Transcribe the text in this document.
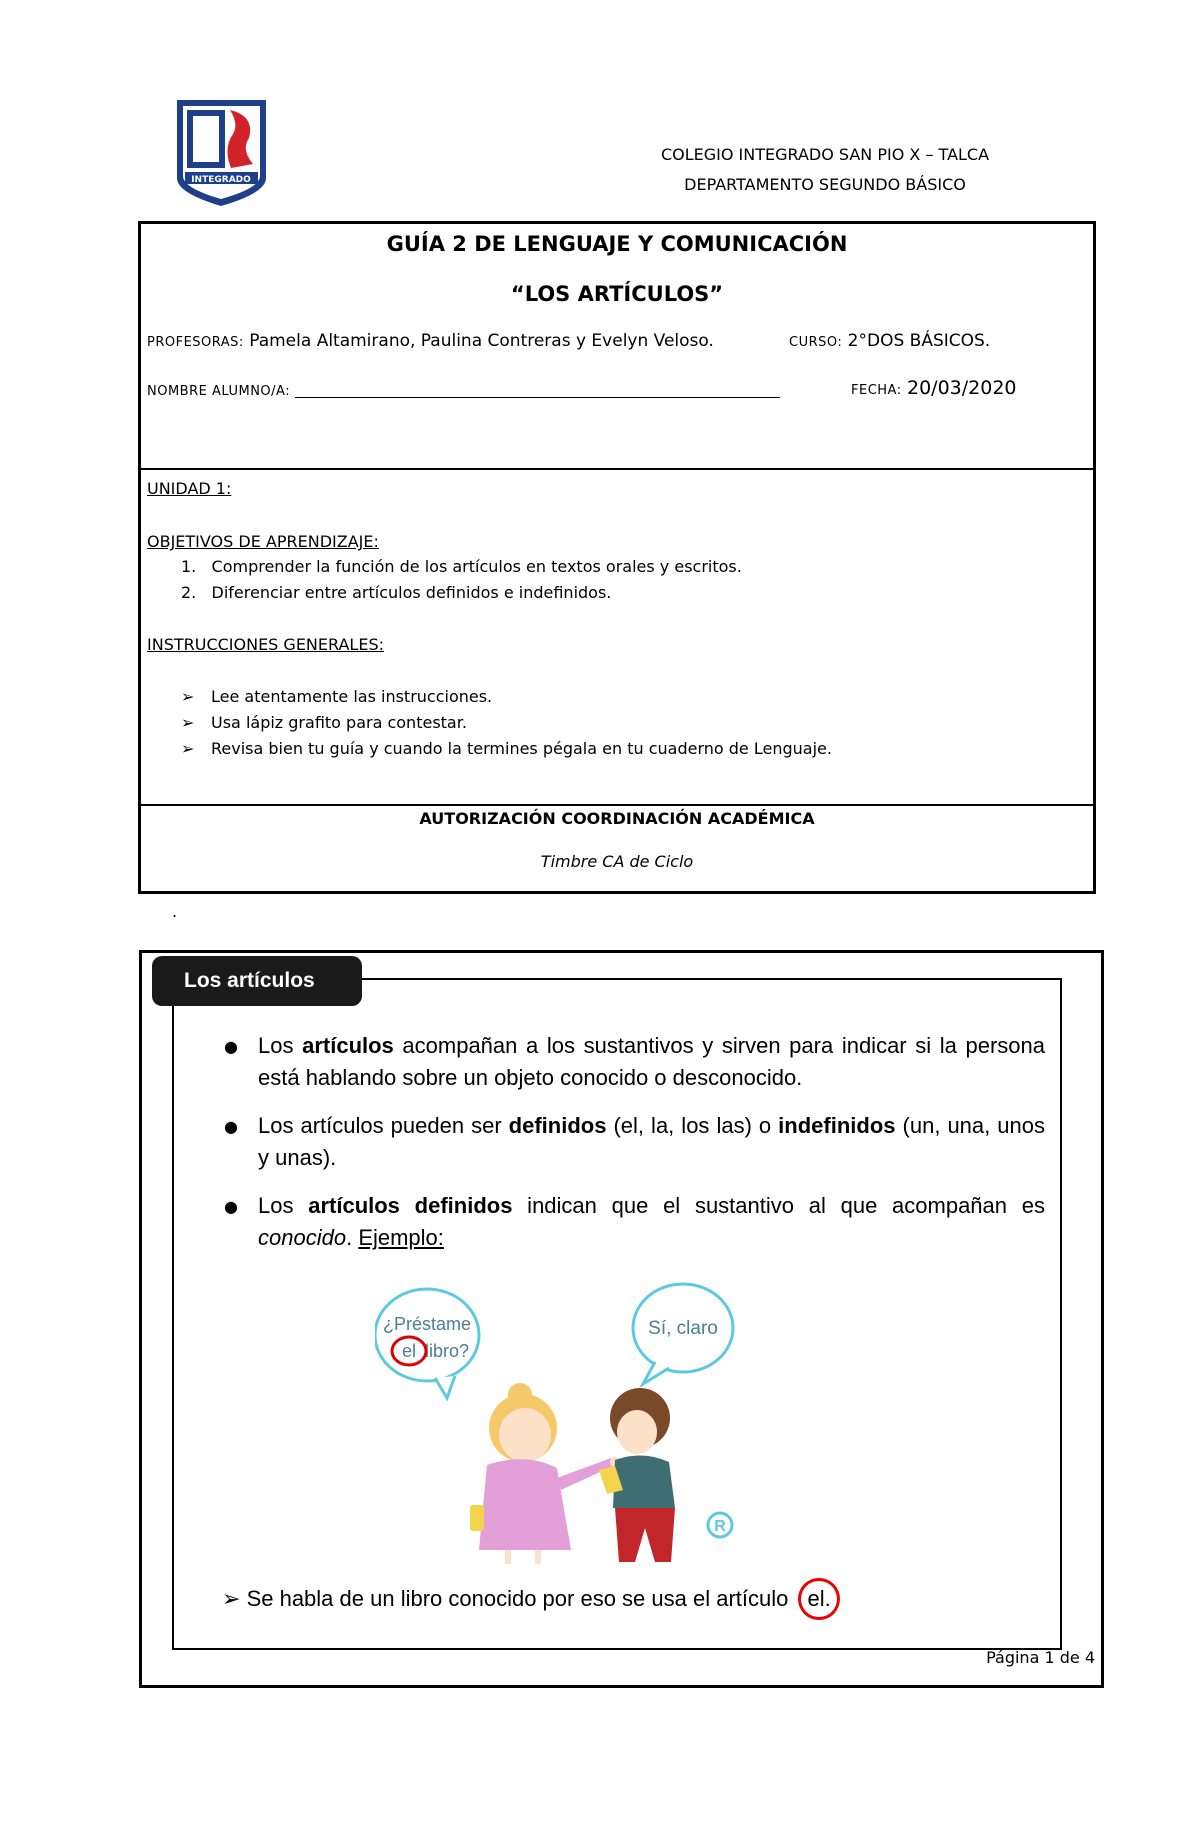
INTEGRADO
COLEGIO INTEGRADO SAN PIO X – TALCA
DEPARTAMENTO SEGUNDO BÁSICO
GUÍA 2 DE LENGUAJE Y COMUNICACIÓN
“LOS ARTÍCULOS”
PROFESORAS: Pamela Altamirano, Paulina Contreras y Evelyn Veloso.	CURSO: 2°DOS BÁSICOS.
NOMBRE ALUMNO/A:	FECHA: 20/03/2020
UNIDAD 1:
OBJETIVOS DE APRENDIZAJE:
1. Comprender la función de los artículos en textos orales y escritos.
2. Diferenciar entre artículos definidos e indefinidos.
INSTRUCCIONES GENERALES:
➢ Lee atentamente las instrucciones.
➢ Usa lápiz grafito para contestar.
➢ Revisa bien tu guía y cuando la termines pégala en tu cuaderno de Lenguaje.
AUTORIZACIÓN COORDINACIÓN ACADÉMICA
Timbre CA de Ciclo
.
Los artículos
● Los artículos acompañan a los sustantivos y sirven para indicar si la persona está hablando sobre un objeto conocido o desconocido.
● Los artículos pueden ser definidos (el, la, los las) o indefinidos (un, una, unos y unas).
● Los artículos definidos indican que el sustantivo al que acompañan es conocido. Ejemplo:
¿Préstame
el libro?
Sí, claro
R
➢ Se habla de un libro conocido por eso se usa el artículo el.
Página 1 de 4
